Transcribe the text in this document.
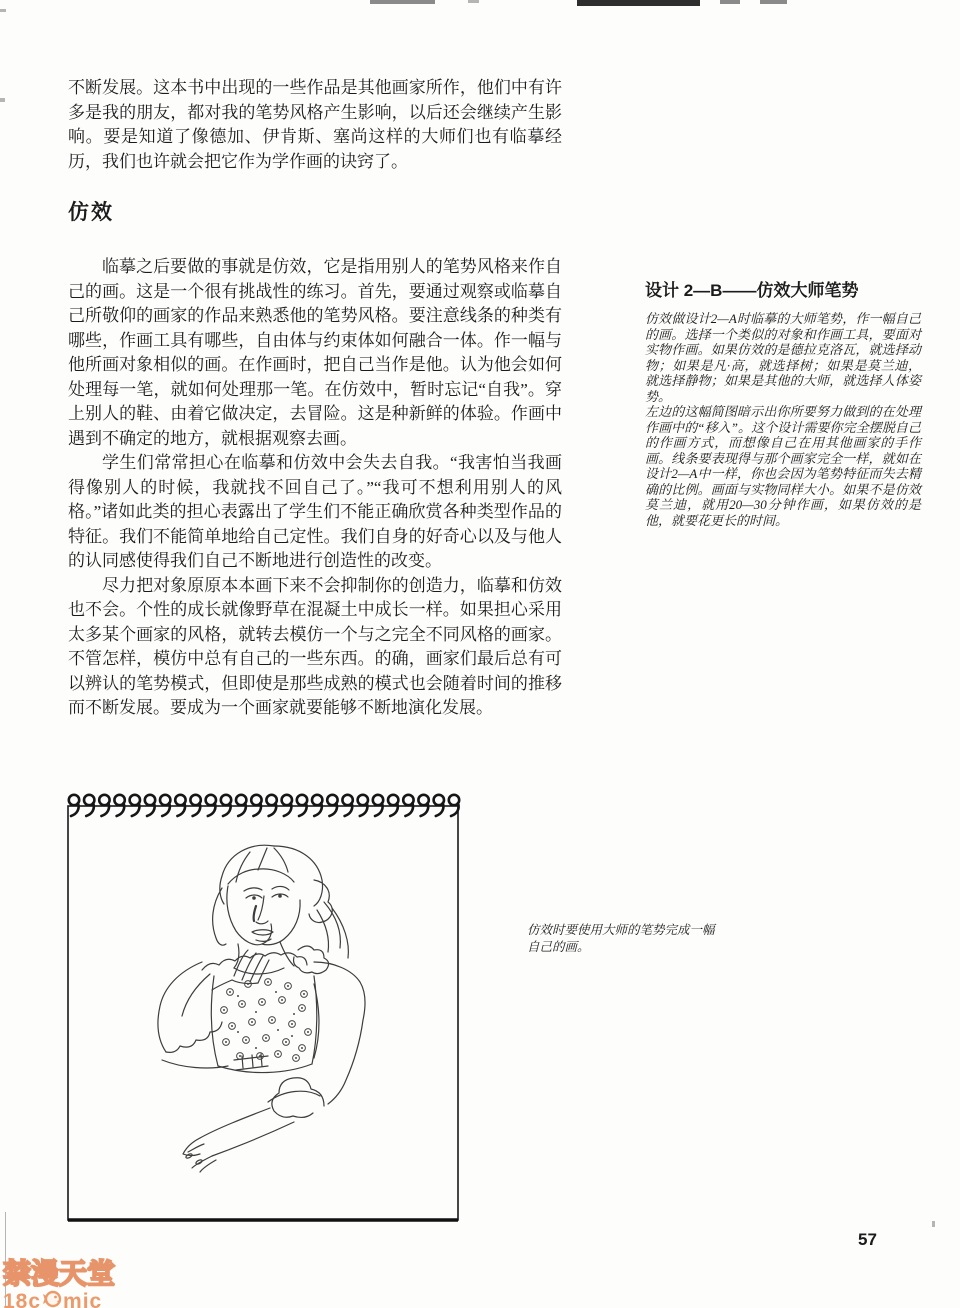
不断发展。这本书中出现的一些作品是其他画家所作，他们中有许多是我的朋友，都对我的笔势风格产生影响，以后还会继续产生影响。要是知道了像德加、伊肯斯、塞尚这样的大师们也有临摹经历，我们也许就会把它作为学作画的诀窍了。

仿效

临摹之后要做的事就是仿效，它是指用别人的笔势风格来作自己的画。这是一个很有挑战性的练习。首先，要通过观察或临摹自己所敬仰的画家的作品来熟悉他的笔势风格。要注意线条的种类有哪些，作画工具有哪些，自由体与约束体如何融合一体。作一幅与他所画对象相似的画。在作画时，把自己当作是他。认为他会如何处理每一笔，就如何处理那一笔。在仿效中，暂时忘记“自我”。穿上别人的鞋、由着它做决定，去冒险。这是种新鲜的体验。作画中遇到不确定的地方，就根据观察去画。

学生们常常担心在临摹和仿效中会失去自我。“我害怕当我画得像别人的时候，我就找不回自己了。”“我可不想利用别人的风格。”诸如此类的担心表露出了学生们不能正确欣赏各种类型作品的特征。我们不能简单地给自己定性。我们自身的好奇心以及与他人的认同感使得我们自己不断地进行创造性的改变。

尽力把对象原原本本画下来不会抑制你的创造力，临摹和仿效也不会。个性的成长就像野草在混凝土中成长一样。如果担心采用太多某个画家的风格，就转去模仿一个与之完全不同风格的画家。不管怎样，模仿中总有自己的一些东西。的确，画家们最后总有可以辨认的笔势模式，但即使是那些成熟的模式也会随着时间的推移而不断发展。要成为一个画家就要能够不断地演化发展。

设计 2—B——仿效大师笔势

仿效做设计2—A时临摹的大师笔势，作一幅自己的画。选择一个类似的对象和作画工具，要面对实物作画。如果仿效的是德拉克洛瓦，就选择动物；如果是凡·高，就选择树；如果是莫兰迪，就选择静物；如果是其他的大师，就选择人体姿势。

左边的这幅简图暗示出你所要努力做到的在处理作画中的“移入”。这个设计需要你完全摆脱自己的作画方式，而想像自己在用其他画家的手作画。线条要表现得与那个画家完全一样，就如在设计2—A中一样，你也会因为笔势特征而失去精确的比例。画面与实物同样大小。如果不是仿效莫兰迪，就用20—30分钟作画，如果仿效的是他，就要花更长的时间。

仿效时要使用大师的笔势完成一幅自己的画。
57
禁漫天堂
18c mic
